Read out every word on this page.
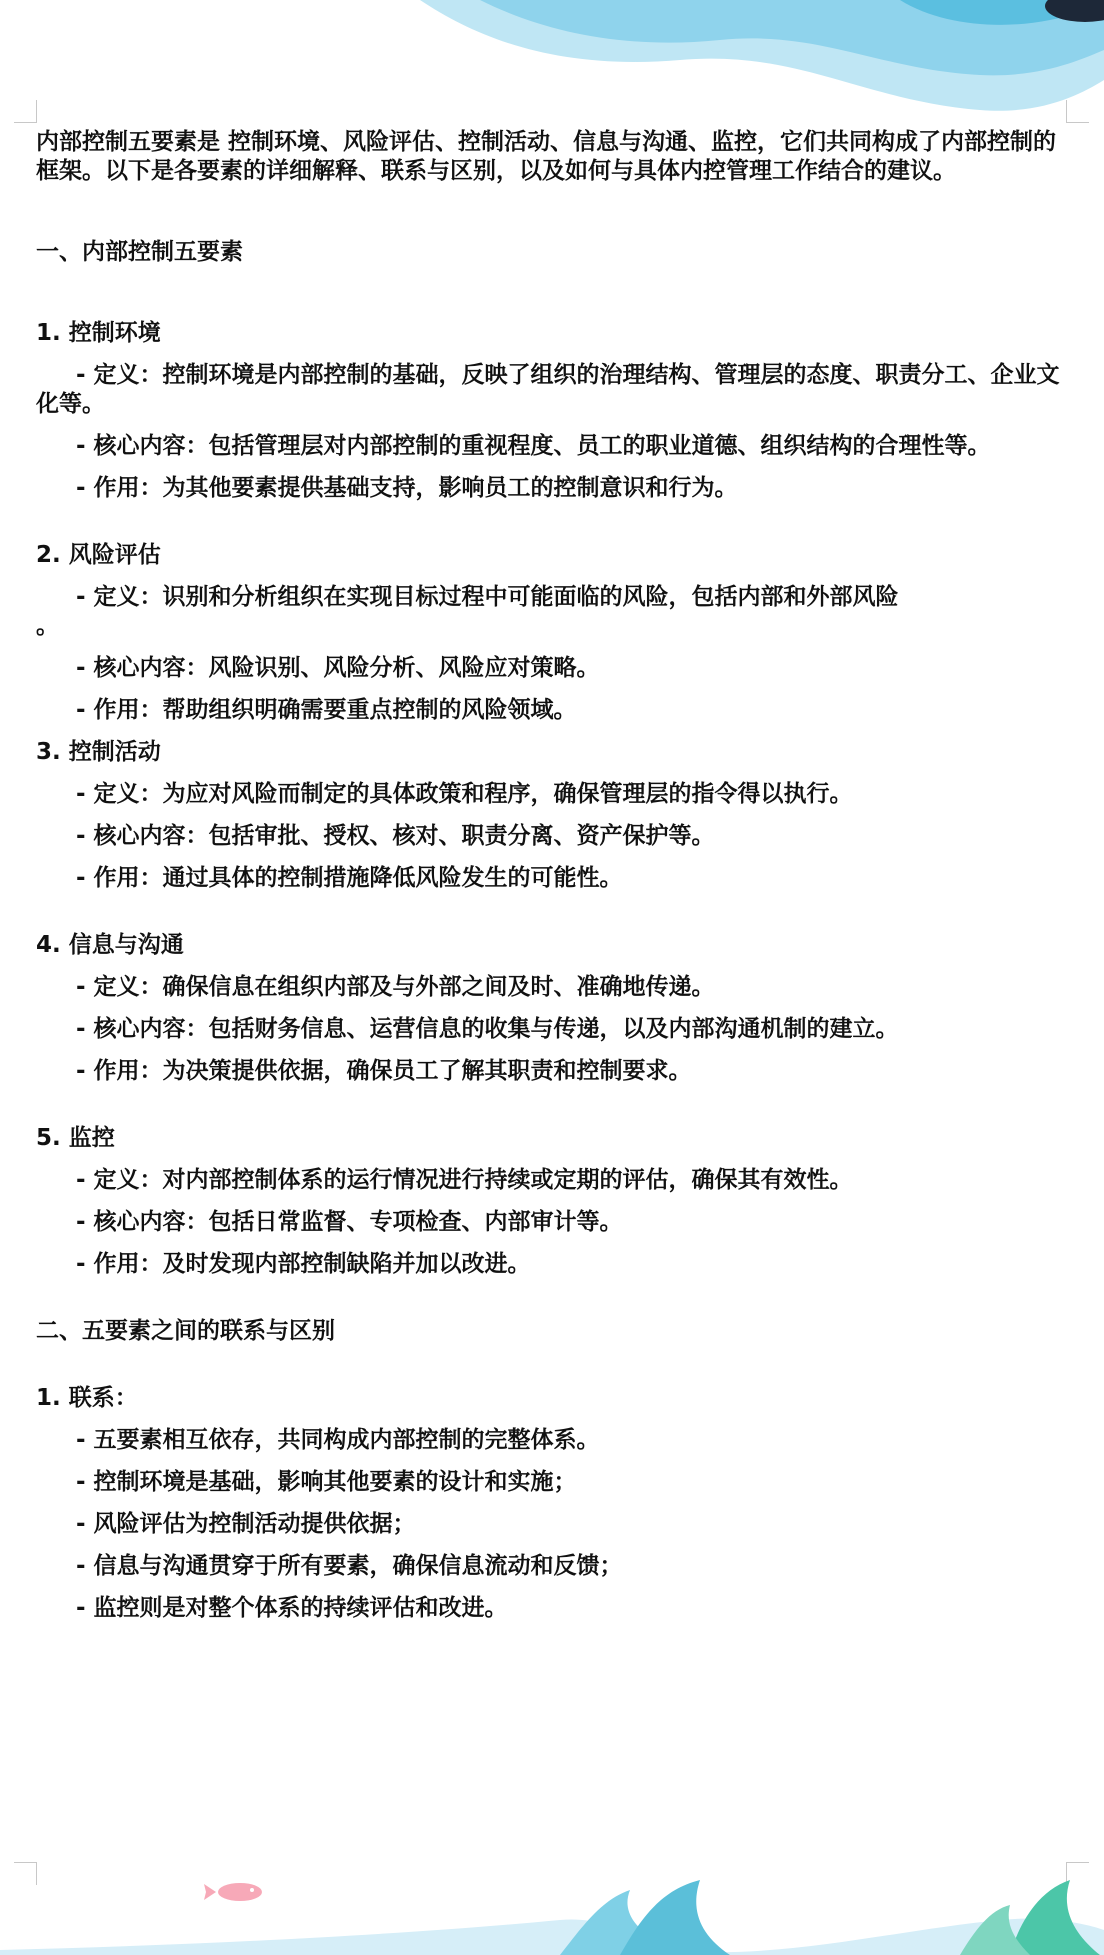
内部控制五要素是 控制环境、风险评估、控制活动、信息与沟通、监控，它们共同构成了内部控制的框架。以下是各要素的详细解释、联系与区别，以及如何与具体内控管理工作结合的建议。

一、内部控制五要素

1. 控制环境

- 定义：控制环境是内部控制的基础，反映了组织的治理结构、管理层的态度、职责分工、企业文化等。

- 核心内容：包括管理层对内部控制的重视程度、员工的职业道德、组织结构的合理性等。

- 作用：为其他要素提供基础支持，影响员工的控制意识和行为。

2. 风险评估

- 定义：识别和分析组织在实现目标过程中可能面临的风险，包括内部和外部风险

。

- 核心内容：风险识别、风险分析、风险应对策略。

- 作用：帮助组织明确需要重点控制的风险领域。

3. 控制活动

- 定义：为应对风险而制定的具体政策和程序，确保管理层的指令得以执行。

- 核心内容：包括审批、授权、核对、职责分离、资产保护等。

- 作用：通过具体的控制措施降低风险发生的可能性。

4. 信息与沟通

- 定义：确保信息在组织内部及与外部之间及时、准确地传递。

- 核心内容：包括财务信息、运营信息的收集与传递，以及内部沟通机制的建立。

- 作用：为决策提供依据，确保员工了解其职责和控制要求。

5. 监控

- 定义：对内部控制体系的运行情况进行持续或定期的评估，确保其有效性。

- 核心内容：包括日常监督、专项检查、内部审计等。

- 作用：及时发现内部控制缺陷并加以改进。

二、五要素之间的联系与区别

1. 联系：

- 五要素相互依存，共同构成内部控制的完整体系。

- 控制环境是基础，影响其他要素的设计和实施；

- 风险评估为控制活动提供依据；

- 信息与沟通贯穿于所有要素，确保信息流动和反馈；

- 监控则是对整个体系的持续评估和改进。
